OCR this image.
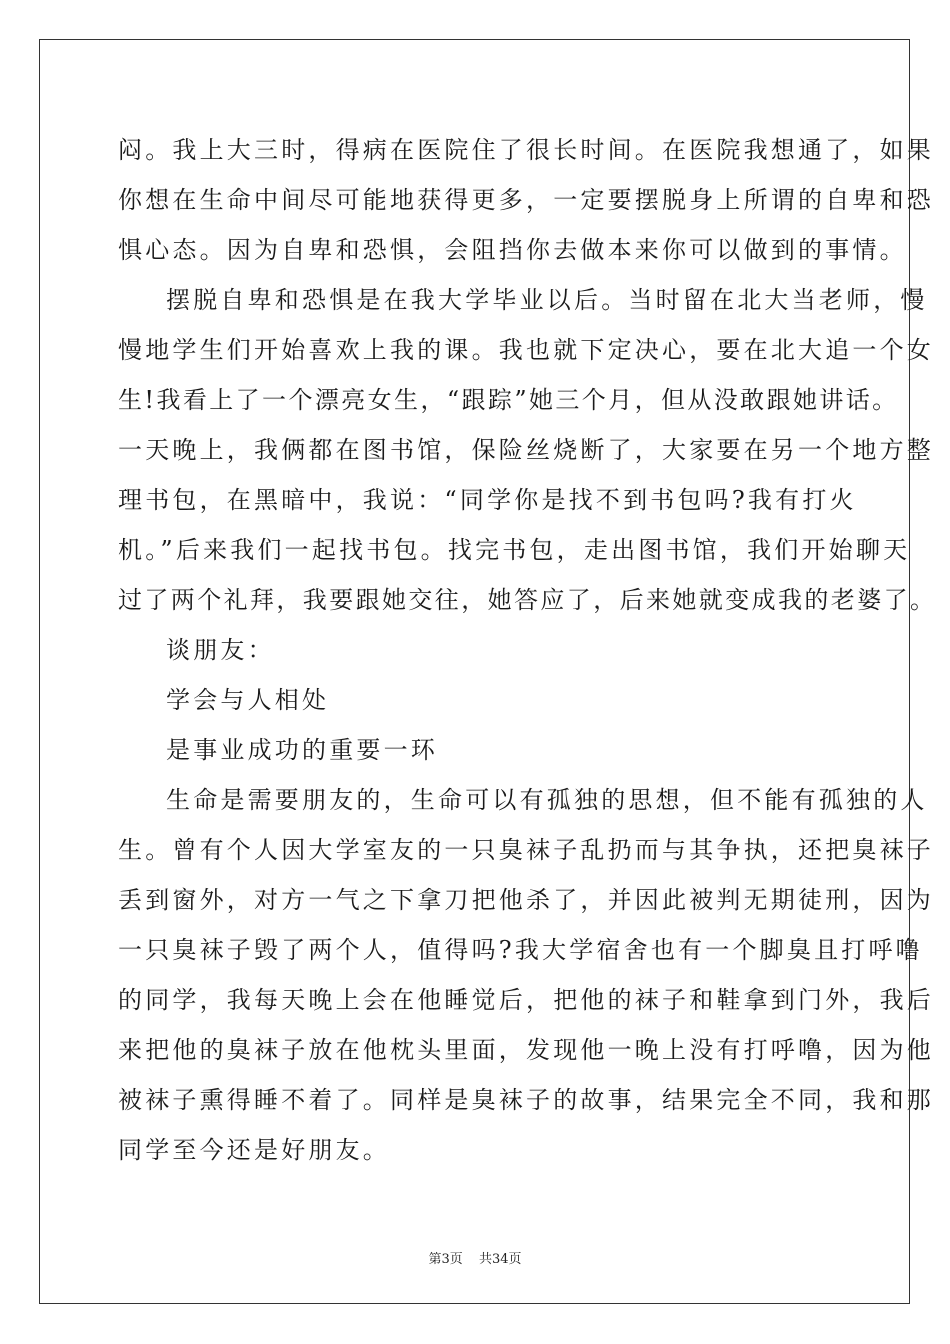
闷。我上大三时，得病在医院住了很长时间。在医院我想通了，如果
你想在生命中间尽可能地获得更多，一定要摆脱身上所谓的自卑和恐
惧心态。因为自卑和恐惧，会阻挡你去做本来你可以做到的事情。
摆脱自卑和恐惧是在我大学毕业以后。当时留在北大当老师，慢
慢地学生们开始喜欢上我的课。我也就下定决心，要在北大追一个女
生!我看上了一个漂亮女生，“跟踪”她三个月，但从没敢跟她讲话。
一天晚上，我俩都在图书馆，保险丝烧断了，大家要在另一个地方整
理书包，在黑暗中，我说：“同学你是找不到书包吗?我有打火
机。”后来我们一起找书包。找完书包，走出图书馆，我们开始聊天
过了两个礼拜，我要跟她交往，她答应了，后来她就变成我的老婆了。
谈朋友：
学会与人相处
是事业成功的重要一环
生命是需要朋友的，生命可以有孤独的思想，但不能有孤独的人
生。曾有个人因大学室友的一只臭袜子乱扔而与其争执，还把臭袜子
丢到窗外，对方一气之下拿刀把他杀了，并因此被判无期徒刑，因为
一只臭袜子毁了两个人，值得吗?我大学宿舍也有一个脚臭且打呼噜
的同学，我每天晚上会在他睡觉后，把他的袜子和鞋拿到门外，我后
来把他的臭袜子放在他枕头里面，发现他一晚上没有打呼噜，因为他
被袜子熏得睡不着了。同样是臭袜子的故事，结果完全不同，我和那
同学至今还是好朋友。
第3页 共34页
